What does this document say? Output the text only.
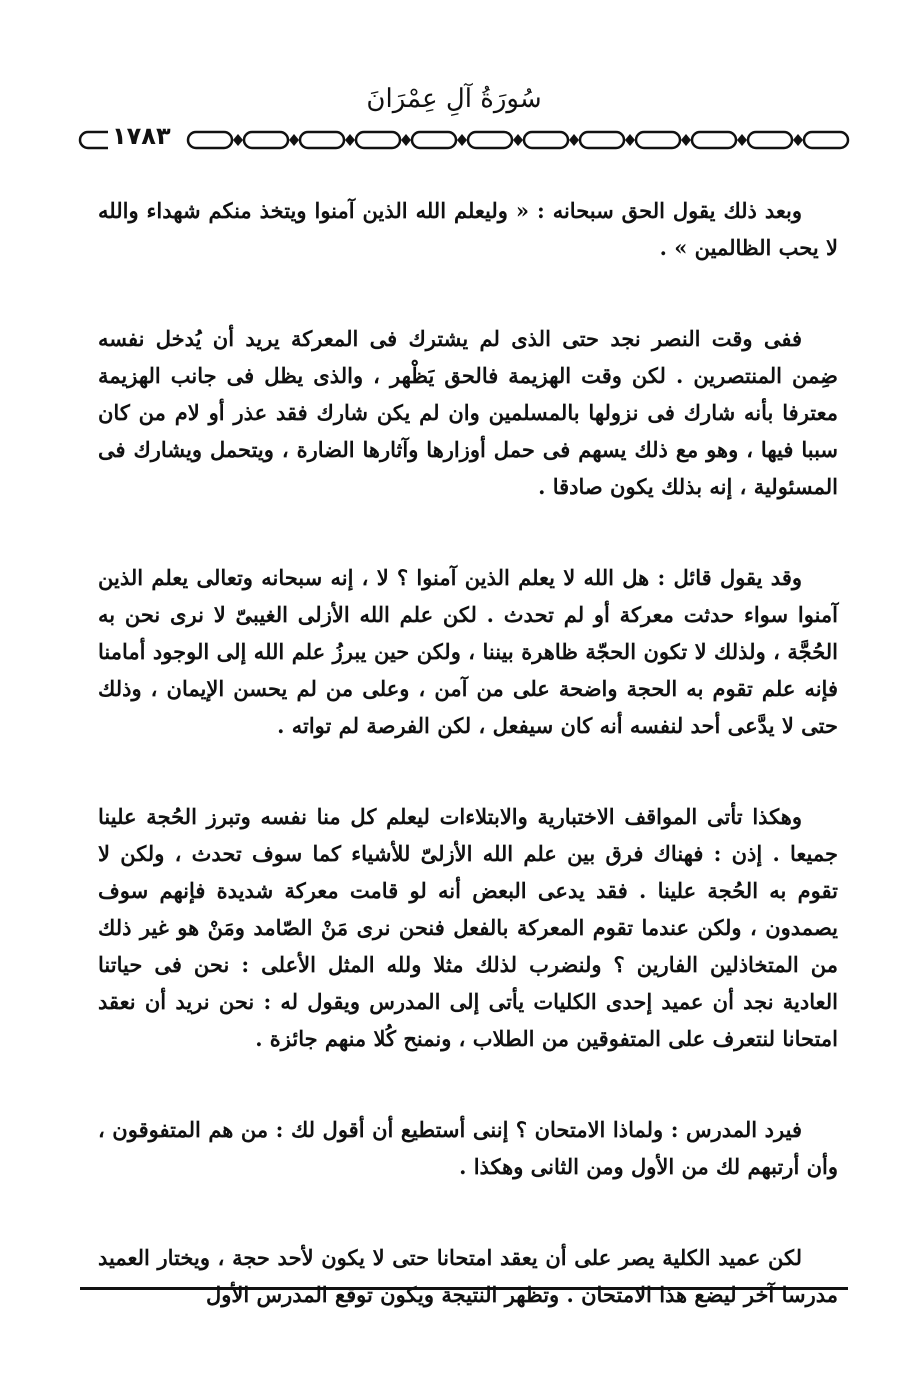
سُورَةُ آلِ عِمْرَانَ
١٧٨٣

وبعد ذلك يقول الحق سبحانه : « وليعلم الله الذين آمنوا ويتخذ منكم شهداء والله لا يحب الظالمين » .

ففى وقت النصر نجد حتى الذى لم يشترك فى المعركة يريد أن يُدخل نفسه ضِمن المنتصرين . لكن وقت الهزيمة فالحق يَظْهر ، والذى يظل فى جانب الهزيمة معترفا بأنه شارك فى نزولها بالمسلمين وان لم يكن شارك فقد عذر أو لام من كان سببا فيها ، وهو مع ذلك يسهم فى حمل أوزارها وآثارها الضارة ، ويتحمل ويشارك فى المسئولية ، إنه بذلك يكون صادقا .

وقد يقول قائل : هل الله لا يعلم الذين آمنوا ؟ لا ، إنه سبحانه وتعالى يعلم الذين آمنوا سواء حدثت معركة أو لم تحدث . لكن علم الله الأزلى الغيبىّ لا نرى نحن به الحُجَّة ، ولذلك لا تكون الحجّة ظاهرة بيننا ، ولكن حين يبرزُ علم الله إلى الوجود أمامنا فإنه علم تقوم به الحجة واضحة على من آمن ، وعلى من لم يحسن الإيمان ، وذلك حتى لا يدَّعى أحد لنفسه أنه كان سيفعل ، لكن الفرصة لم تواته .

وهكذا تأتى المواقف الاختبارية والابتلاءات ليعلم كل منا نفسه وتبرز الحُجة علينا جميعا . إذن : فهناك فرق بين علم الله الأزلىّ للأشياء كما سوف تحدث ، ولكن لا تقوم به الحُجة علينا . فقد يدعى البعض أنه لو قامت معركة شديدة فإنهم سوف يصمدون ، ولكن عندما تقوم المعركة بالفعل فنحن نرى مَنْ الصّامد ومَنْ هو غير ذلك من المتخاذلين الفارين ؟ ولنضرب لذلك مثلا ولله المثل الأعلى : نحن فى حياتنا العادية نجد أن عميد إحدى الكليات يأتى إلى المدرس ويقول له : نحن نريد أن نعقد امتحانا لنتعرف على المتفوقين من الطلاب ، ونمنح كُلا منهم جائزة .

فيرد المدرس : ولماذا الامتحان ؟ إننى أستطيع أن أقول لك : من هم المتفوقون ، وأن أرتبهم لك من الأول ومن الثانى وهكذا .

لكن عميد الكلية يصر على أن يعقد امتحانا حتى لا يكون لأحد حجة ، ويختار العميد مدرسا آخر ليضع هذا الامتحان . وتظهر النتيجة ويكون توقع المدرس الأول
